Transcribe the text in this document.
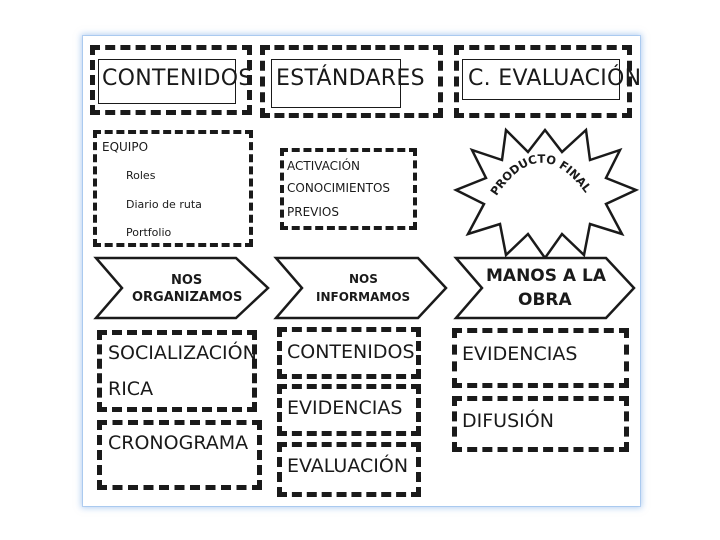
CONTENIDOS ESTÁNDARES C. EVALUACIÓN
EQUIPO
Roles
Diario de ruta
Portfolio
ACTIVACIÓN
CONOCIMIENTOS
PREVIOS
PRODUCTO FINAL
NOS
ORGANIZAMOS
NOS
INFORMAMOS
MANOS A LA
OBRA
SOCIALIZACIÓN
RICA
CRONOGRAMA
CONTENIDOS
EVIDENCIAS
EVALUACIÓN
EVIDENCIAS
DIFUSIÓN
